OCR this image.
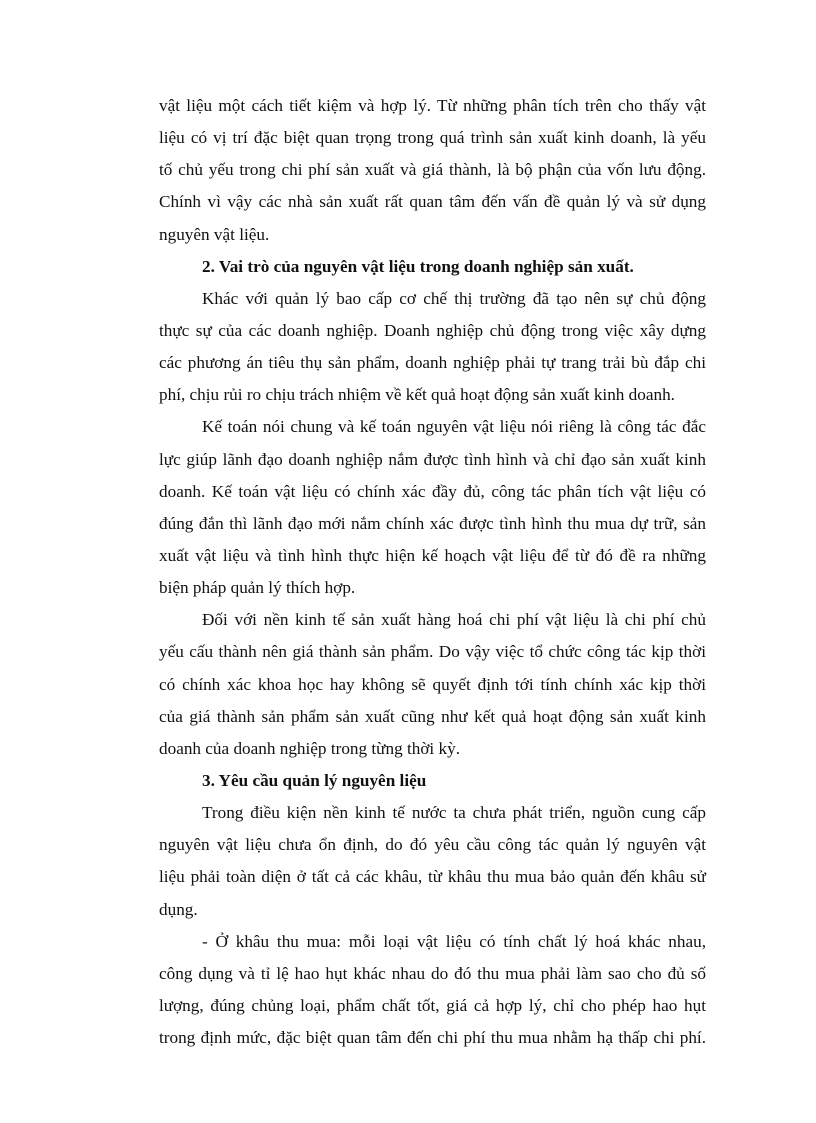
vật liệu một cách tiết kiệm và hợp lý. Từ những phân tích trên cho thấy vật
liệu có vị trí đặc biệt quan trọng trong quá trình sản xuất kinh doanh, là yếu
tố chủ yếu trong chi phí sản xuất và giá thành, là bộ phận của vốn lưu động.
Chính vì vậy các nhà sản xuất rất quan tâm đến vấn đề quản lý và sử dụng
nguyên vật liệu.
2. Vai trò của nguyên vật liệu trong doanh nghiệp sản xuất.
Khác với quản lý bao cấp cơ chế thị trường đã tạo nên sự chủ động
thực sự của các doanh nghiệp. Doanh nghiệp chủ động trong việc xây dựng
các phương án tiêu thụ sản phẩm, doanh nghiệp phải tự trang trải bù đắp chi
phí, chịu rủi ro chịu trách nhiệm về kết quả hoạt động sản xuất kinh doanh.
Kế toán nói chung và kế toán nguyên vật liệu nói riêng là công tác đắc
lực giúp lãnh đạo doanh nghiệp nắm được tình hình và chỉ đạo sản xuất kinh
doanh. Kế toán vật liệu có chính xác đầy đủ, công tác phân tích vật liệu có
đúng đắn thì lãnh đạo mới nắm chính xác được tình hình thu mua dự trữ, sản
xuất vật liệu và tình hình thực hiện kế hoạch vật liệu để từ đó đề ra những
biện pháp quản lý thích hợp.
Đối với nền kinh tế sản xuất hàng hoá chi phí vật liệu là chi phí chủ
yếu cấu thành nên giá thành sản phẩm. Do vậy việc tổ chức công tác kịp thời
có chính xác khoa học hay không sẽ quyết định tới tính chính xác kịp thời
của giá thành sản phẩm sản xuất cũng như kết quả hoạt động sản xuất kinh
doanh của doanh nghiệp trong từng thời kỳ.
3. Yêu cầu quản lý nguyên liệu
Trong điều kiện nền kinh tế nước ta chưa phát triển, nguồn cung cấp
nguyên vật liệu chưa ổn định, do đó yêu cầu công tác quản lý nguyên vật
liệu phải toàn diện ở tất cả các khâu, từ khâu thu mua bảo quản đến khâu sử
dụng.
- Ở khâu thu mua: mỗi loại vật liệu có tính chất lý hoá khác nhau,
công dụng và tỉ lệ hao hụt khác nhau do đó thu mua phải làm sao cho đủ số
lượng, đúng chủng loại, phẩm chất tốt, giá cả hợp lý, chỉ cho phép hao hụt
trong định mức, đặc biệt quan tâm đến chi phí thu mua nhằm hạ thấp chi phí.
